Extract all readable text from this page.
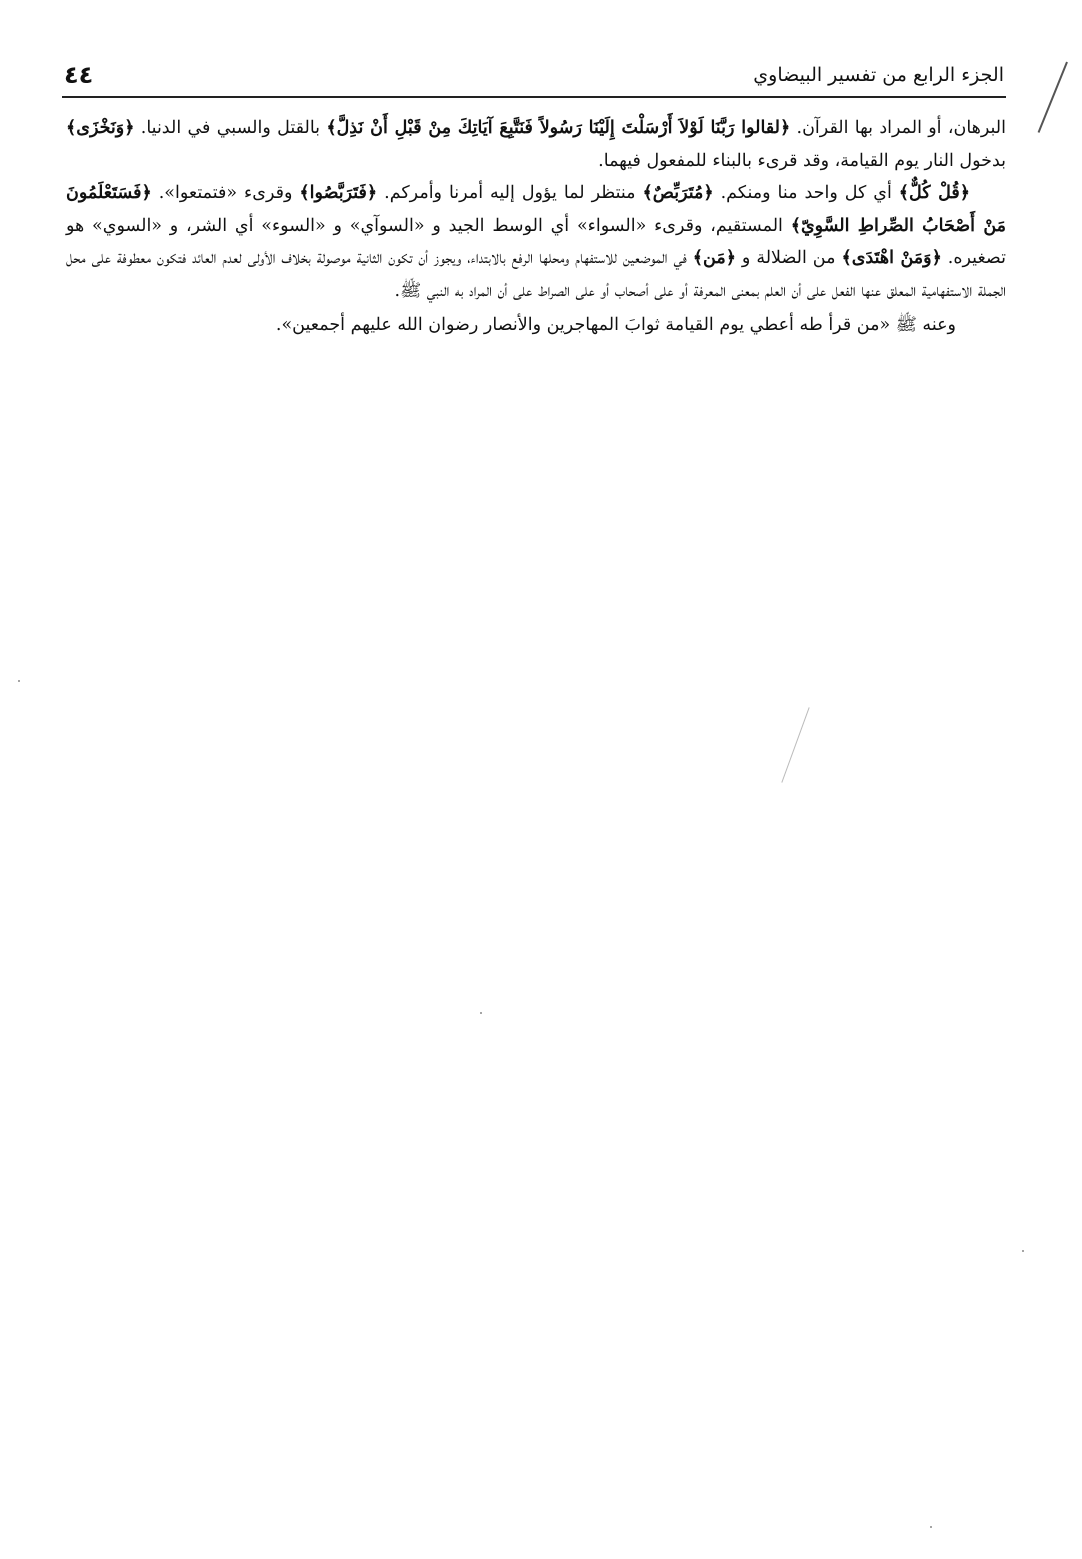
٤٤	الجزء الرابع من تفسير البيضاوي

البرهان، أو المراد بها القرآن. ﴿لقالوا رَبَّنَا لَوْلاَ أَرْسَلْتَ إِلَيْنَا رَسُولاً فَنَتَّبِعَ آيَاتِكَ مِنْ قَبْلِ أَنْ نَذِلَّ﴾ بالقتل والسبي في الدنيا. ﴿وَنَخْزَى﴾ بدخول النار يوم القيامة، وقد قرىء بالبناء للمفعول فيهما.

﴿قُلْ كُلٌّ﴾ أي كل واحد منا ومنكم. ﴿مُتَرَبِّصٌ﴾ منتظر لما يؤول إليه أمرنا وأمركم. ﴿فَتَرَبَّصُوا﴾ وقرىء «فتمتعوا». ﴿فَسَتَعْلَمُونَ مَنْ أَصْحَابُ الصِّراطِ السَّوِيّ﴾ المستقيم، وقرىء «السواء» أي الوسط الجيد و «السوآي» و «السوء» أي الشر، و «السوي» هو تصغيره. ﴿وَمَنْ اهْتَدَى﴾ من الضلالة و ﴿مَن﴾ في الموضعين للاستفهام ومحلها الرفع بالابتداء، ويجوز أن تكون الثانية موصولة بخلاف الأولى لعدم العائد فتكون معطوفة على محل الجملة الاستفهامية المعلق عنها الفعل على أن العلم بمعنى المعرفة أو على أصحاب أو على الصراط على أن المراد به النبي ﷺ.

وعنه ﷺ «من قرأ طه أعطي يوم القيامة ثوابَ المهاجرين والأنصار رضوان الله عليهم أجمعين».
